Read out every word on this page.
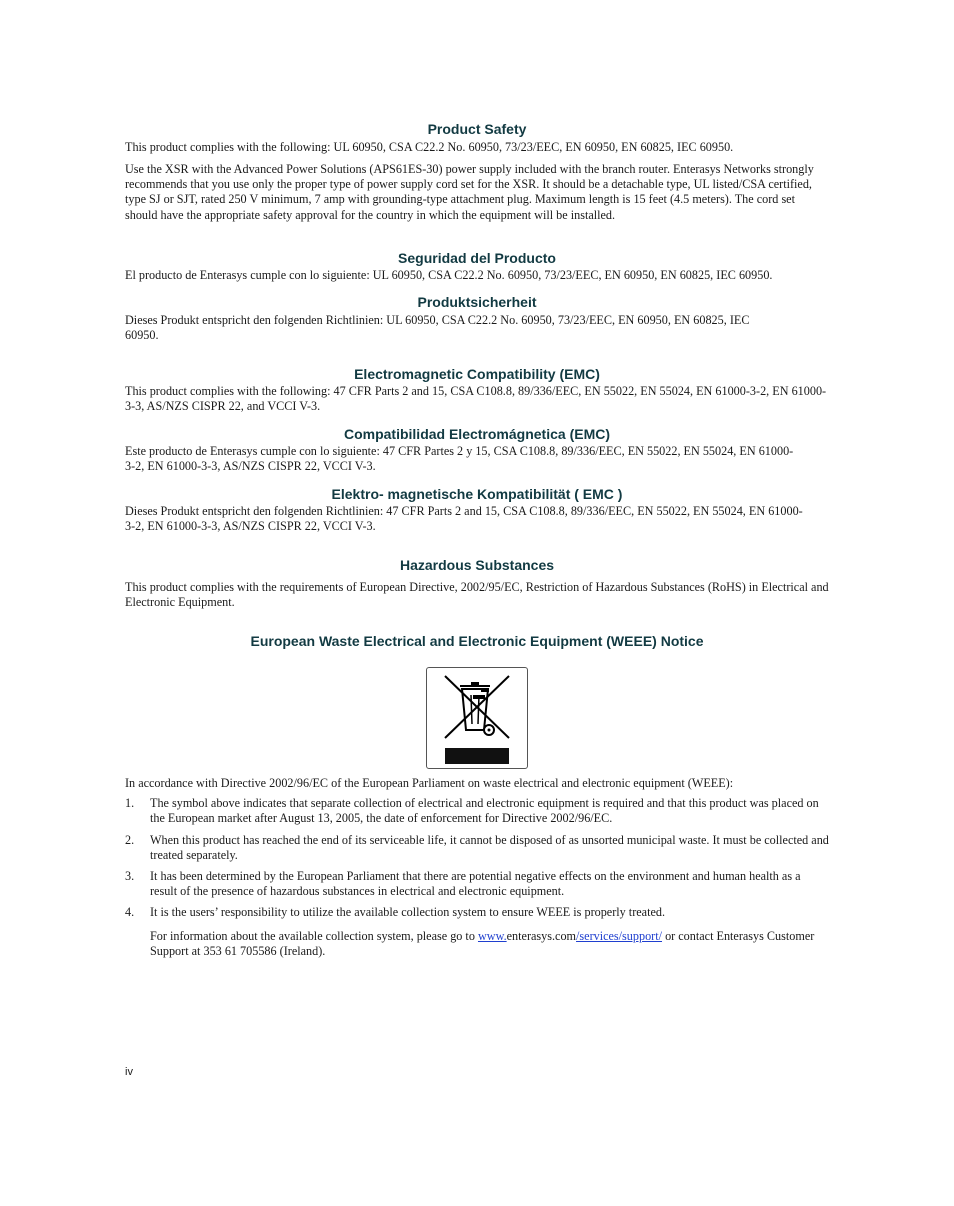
Product Safety

This product complies with the following: UL 60950, CSA C22.2 No. 60950, 73/23/EEC, EN 60950, EN 60825, IEC 60950.

Use the XSR with the Advanced Power Solutions (APS61ES-30) power supply included with the branch router. Enterasys Networks strongly recommends that you use only the proper type of power supply cord set for the XSR. It should be a detachable type, UL listed/CSA certified, type SJ or SJT, rated 250 V minimum, 7 amp with grounding-type attachment plug. Maximum length is 15 feet (4.5 meters). The cord set should have the appropriate safety approval for the country in which the equipment will be installed.

Seguridad del Producto

El producto de Enterasys cumple con lo siguiente: UL 60950, CSA C22.2 No. 60950, 73/23/EEC, EN 60950, EN 60825, IEC 60950.

Produktsicherheit

Dieses Produkt entspricht den folgenden Richtlinien: UL 60950, CSA C22.2 No. 60950, 73/23/EEC, EN 60950, EN 60825, IEC 60950.

Electromagnetic Compatibility (EMC)

This product complies with the following: 47 CFR Parts 2 and 15, CSA C108.8, 89/336/EEC, EN 55022, EN 55024, EN 61000-3-2, EN 61000-3-3, AS/NZS CISPR 22, and VCCI V-3.

Compatibilidad Electromágnetica (EMC)

Este producto de Enterasys cumple con lo siguiente: 47 CFR Partes 2 y 15, CSA C108.8, 89/336/EEC, EN 55022, EN 55024, EN 61000-3-2, EN 61000-3-3, AS/NZS CISPR 22, VCCI V-3.

Elektro- magnetische Kompatibilität ( EMC )

Dieses Produkt entspricht den folgenden Richtlinien: 47 CFR Parts 2 and 15, CSA C108.8, 89/336/EEC, EN 55022, EN 55024, EN 61000-3-2, EN 61000-3-3, AS/NZS CISPR 22, VCCI V-3.

Hazardous Substances

This product complies with the requirements of European Directive, 2002/95/EC, Restriction of Hazardous Substances (RoHS) in Electrical and Electronic Equipment.

European Waste Electrical and Electronic Equipment (WEEE) Notice

In accordance with Directive 2002/96/EC of the European Parliament on waste electrical and electronic equipment (WEEE):

1. The symbol above indicates that separate collection of electrical and electronic equipment is required and that this product was placed on the European market after August 13, 2005, the date of enforcement for Directive 2002/96/EC.
2. When this product has reached the end of its serviceable life, it cannot be disposed of as unsorted municipal waste. It must be collected and treated separately.
3. It has been determined by the European Parliament that there are potential negative effects on the environment and human health as a result of the presence of hazardous substances in electrical and electronic equipment.
4. It is the users’ responsibility to utilize the available collection system to ensure WEEE is properly treated.

For information about the available collection system, please go to www.enterasys.com/services/support/ or contact Enterasys Customer Support at 353 61 705586 (Ireland).

iv
